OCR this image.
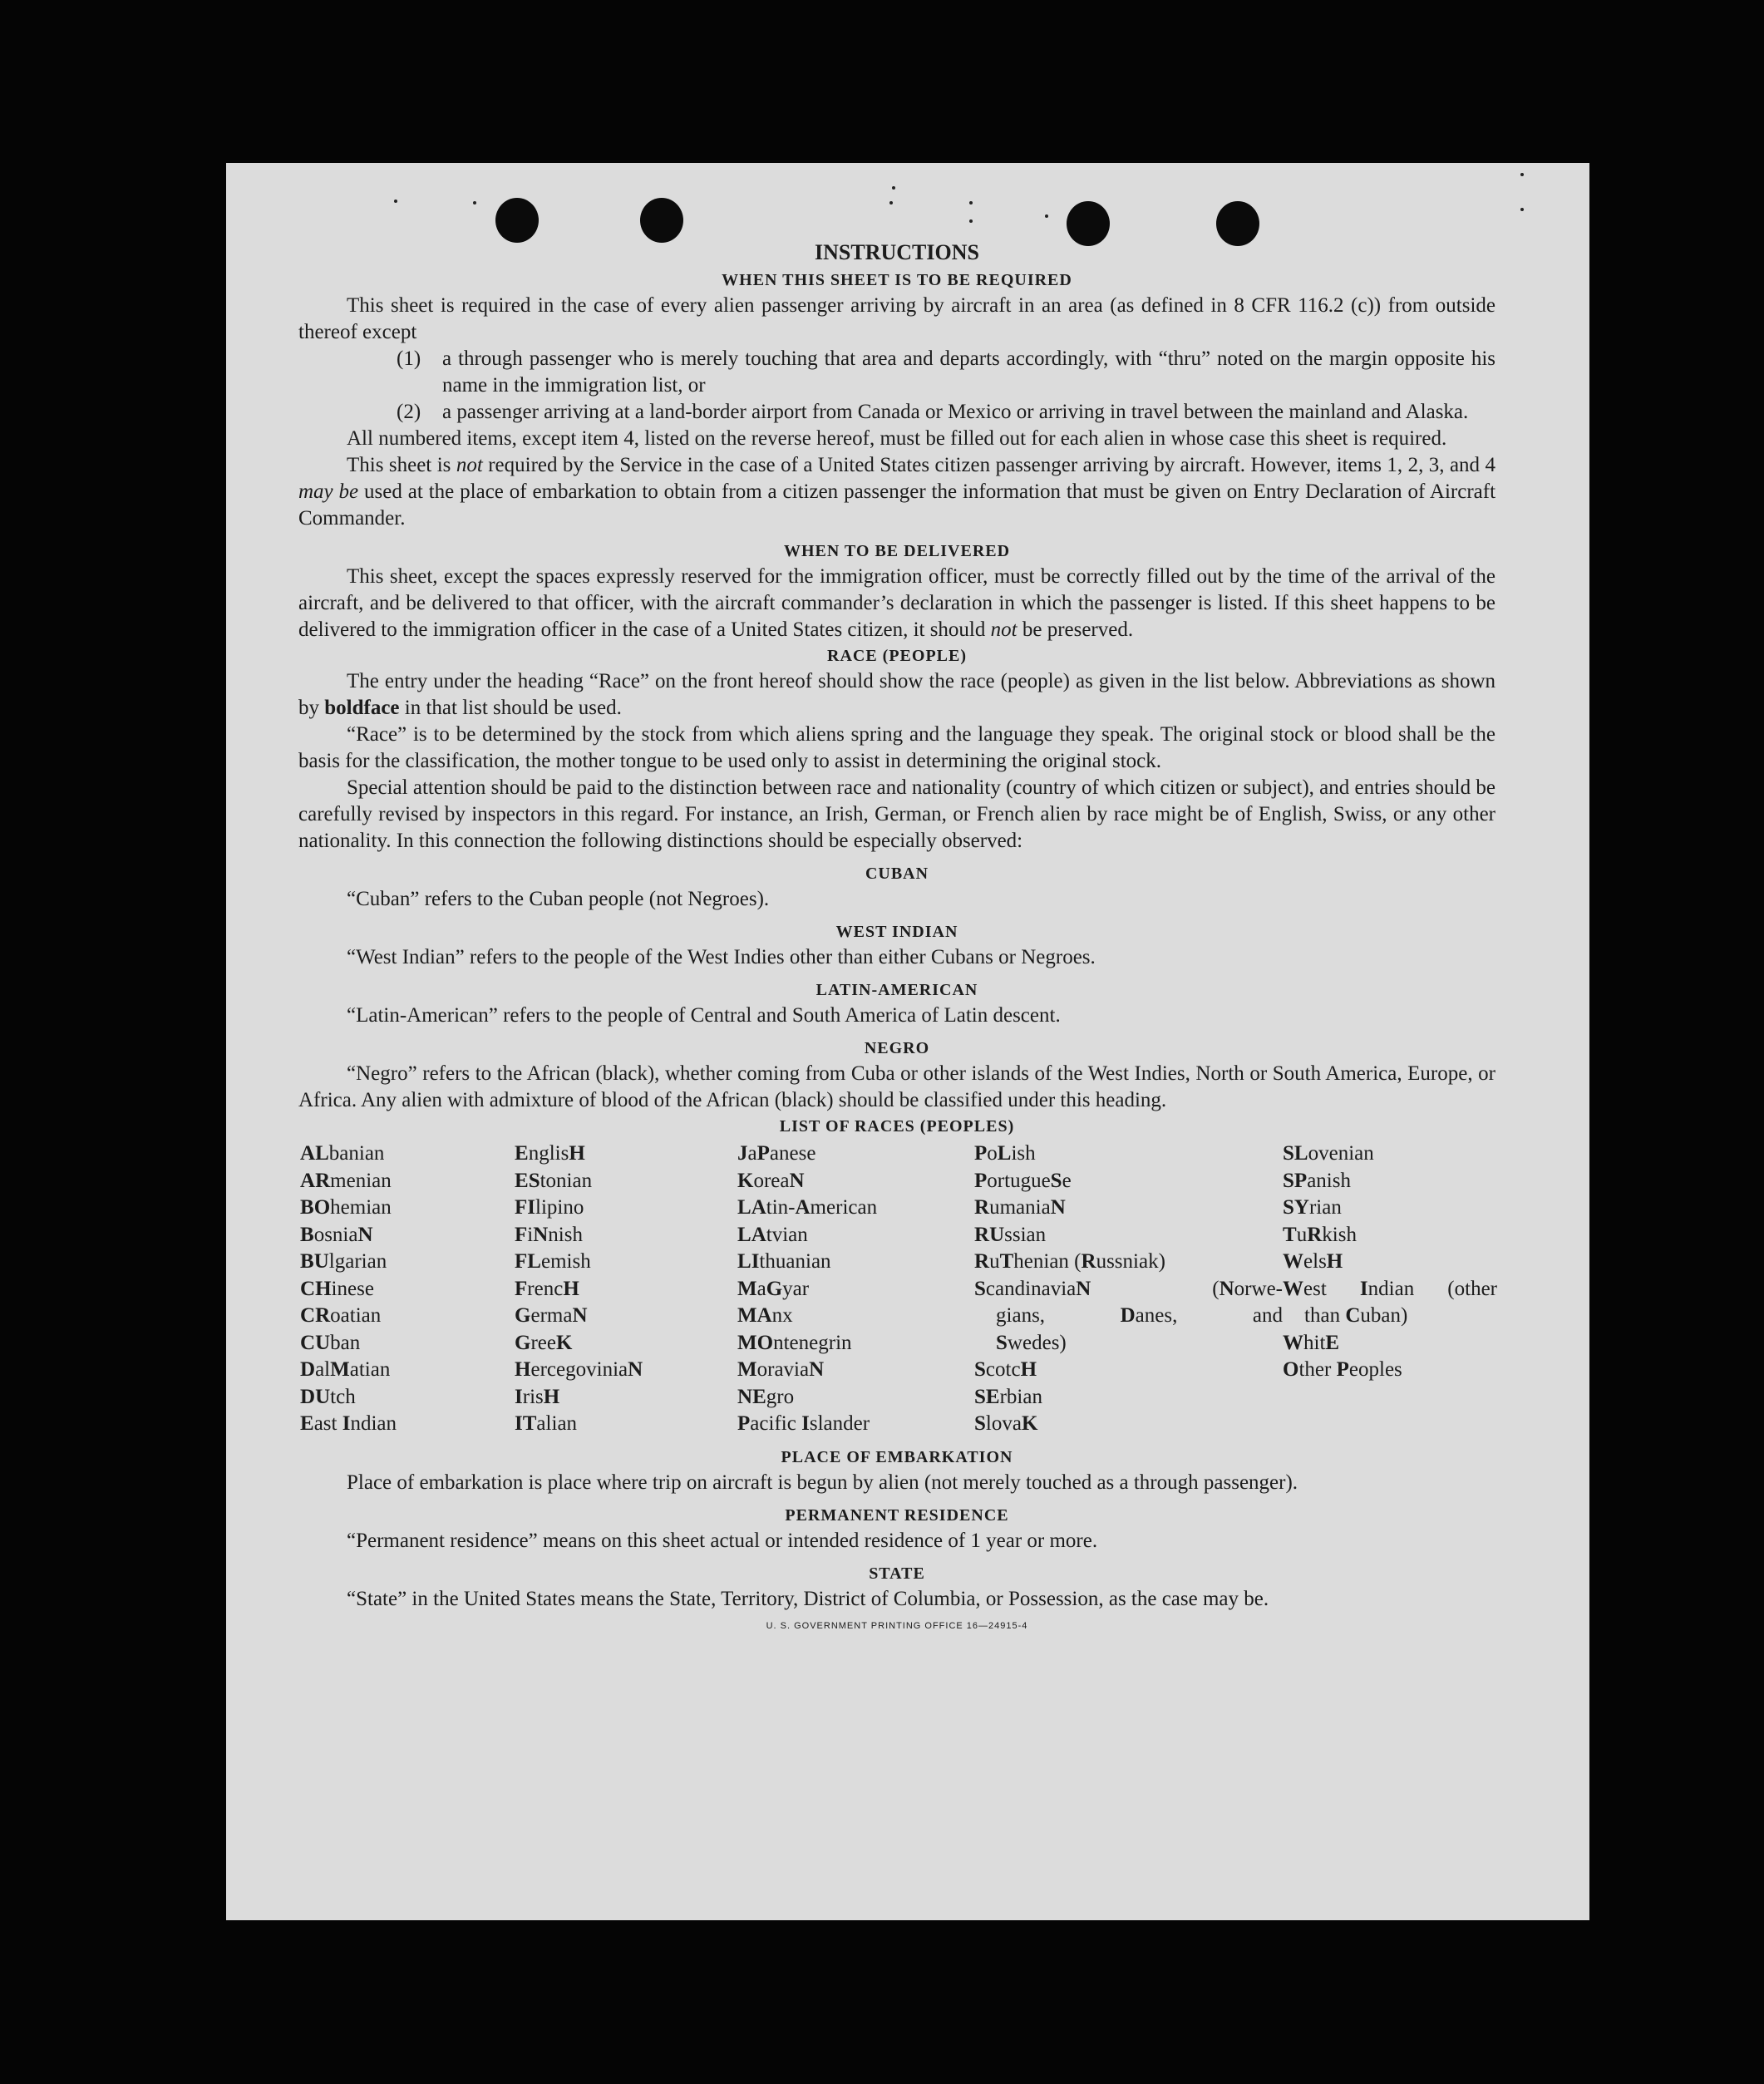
INSTRUCTIONS
WHEN THIS SHEET IS TO BE REQUIRED

This sheet is required in the case of every alien passenger arriving by aircraft in an area (as defined in 8 CFR 116.2 (c)) from outside thereof except

(1) a through passenger who is merely touching that area and departs accordingly, with “thru” noted on the margin opposite his name in the immigration list, or
(2) a passenger arriving at a land-border airport from Canada or Mexico or arriving in travel between the mainland and Alaska.

All numbered items, except item 4, listed on the reverse hereof, must be filled out for each alien in whose case this sheet is required.

This sheet is not required by the Service in the case of a United States citizen passenger arriving by aircraft. However, items 1, 2, 3, and 4 may be used at the place of embarkation to obtain from a citizen passenger the information that must be given on Entry Declaration of Aircraft Commander.

WHEN TO BE DELIVERED

This sheet, except the spaces expressly reserved for the immigration officer, must be correctly filled out by the time of the arrival of the aircraft, and be delivered to that officer, with the aircraft commander’s declaration in which the passenger is listed. If this sheet happens to be delivered to the immigration officer in the case of a United States citizen, it should not be preserved.

RACE (PEOPLE)

The entry under the heading “Race” on the front hereof should show the race (people) as given in the list below. Abbreviations as shown by boldface in that list should be used.

“Race” is to be determined by the stock from which aliens spring and the language they speak. The original stock or blood shall be the basis for the classification, the mother tongue to be used only to assist in determining the original stock.

Special attention should be paid to the distinction between race and nationality (country of which citizen or subject), and entries should be carefully revised by inspectors in this regard. For instance, an Irish, German, or French alien by race might be of English, Swiss, or any other nationality. In this connection the following distinctions should be especially observed:

CUBAN

“Cuban” refers to the Cuban people (not Negroes).

WEST INDIAN

“West Indian” refers to the people of the West Indies other than either Cubans or Negroes.

LATIN-AMERICAN

“Latin-American” refers to the people of Central and South America of Latin descent.

NEGRO

“Negro” refers to the African (black), whether coming from Cuba or other islands of the West Indies, North or South America, Europe, or Africa. Any alien with admixture of blood of the African (black) should be classified under this heading.

LIST OF RACES (PEOPLES)
ALbanian
ARmenian
BOhemian
BosniaN
BUlgarian
CHinese
CRoatian
CUban
DalMatian
DUtch
East Indian
EnglisH
EStonian
FIlipino
FiNnish
FLemish
FrencH
GermaN
GreeK
HercegoviniaN
IrisH
ITalian
JaPanese
KoreaN
LAtin-American
LAtvian
LIthuanian
MaGyar
MAnx
MOntenegrin
MoraviaN
NEgro
Pacific Islander
PoLish
PortugueSe
RumaniaN
RUssian
RuThenian (Russniak)
ScandinaviaN	(Norwe-
gians,	Danes,	and
Swedes)
ScotcH
SErbian
SlovaK
SLovenian
SPanish
SYrian
TuRkish
WelsH
West Indian (other
than Cuban)
WhitE
Other Peoples
PLACE OF EMBARKATION

Place of embarkation is place where trip on aircraft is begun by alien (not merely touched as a through passenger).

PERMANENT RESIDENCE

“Permanent residence” means on this sheet actual or intended residence of 1 year or more.

STATE

“State” in the United States means the State, Territory, District of Columbia, or Possession, as the case may be.

U. S. GOVERNMENT PRINTING OFFICE 16—24915-4
